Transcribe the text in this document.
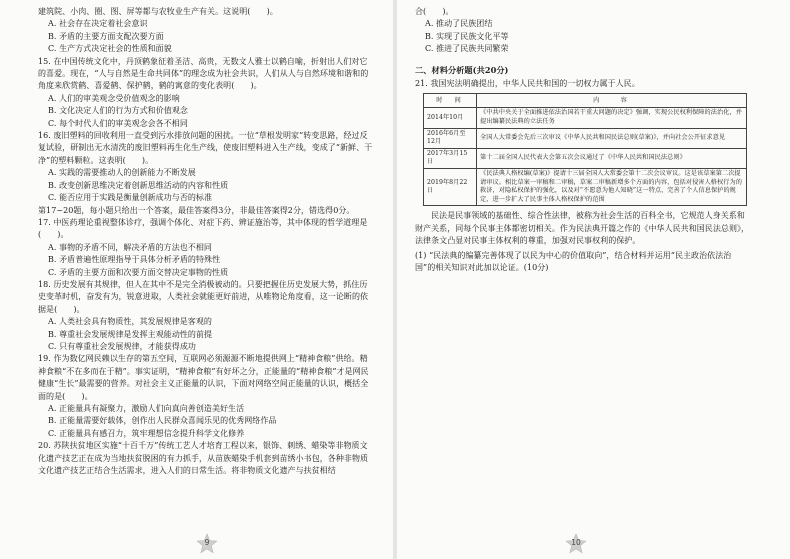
建筑院、小肉、圈、图、屏等都与农牧业生产有关。这说明(　　)。
A. 社会存在决定着社会意识
B. 矛盾的主要方面支配次要方面
C. 生产方式决定社会的性质和面貌
15. 在中国传统文化中，丹顶鹤象征着圣洁、高贵，无数文人雅士以鹤自喻，折射出人们对它的喜爱。现在，“人与自然是生命共同体”的理念成为社会共识，人们从人与自然环境和谐和的角度来欣赏鹤、喜爱鹤、保护鹤，鹤的寓意的变化表明(　　)。
A. 人们的审美观念受价值观念的影响
B. 文化决定人们的行为方式和价值观念
C. 每个时代人们的审美观念会各不相同
16. 废旧塑料的回收利用一直受到污水排放问题的困扰。一位“草根发明家”转变思路，经过反复试验，研制出无水清洗的废旧塑料再生化生产线，使废旧塑料进入生产线，变成了“新鲜、干净”的塑料颗粒。这表明(　　)。
A. 实践的需要推动人的创新能力不断发展
B. 改变创新思维决定着创新思维活动的内容和性质
C. 能否应用于实践是衡量创新成功与否的标准
第17~20题，每小题只给出一个答案，最佳答案得3分，非最佳答案得2分，错选得0分。
17. 中医药理论重视整体诊疗，强调个体化、对症下药、辨证施治等，其中体现的哲学道理是(　　)。
A. 事物的矛盾不同，解决矛盾的方法也不相同
B. 矛盾普遍性原理指导于具体分析矛盾的特殊性
C. 矛盾的主要方面和次要方面交替决定事物的性质
18. 历史发展有其规律，但人在其中不是完全消极被动的。只要把握住历史发展大势，抓住历史变革时机，奋发有为，锐意进取，人类社会就能更好前进，从唯物论角度看，这一论断的依据是(　　)。
A. 人类社会具有物质性，其发展规律是客观的
B. 尊重社会发展规律是发挥主观能动性的前提
C. 只有尊重社会发展规律，才能获得成功
19. 作为数亿网民赖以生存的第五空间，互联网必须源源不断地提供网上“精神食粮”供给。精神食粮“不在多而在于精”。事实证明，“精神食粮”有好坏之分，正能量的“精神食粮”才是网民健康“生长”最需要的营养。对社会主义正能量的认识，下面对网络空间正能量的认识，概括全面的是(　　)。
A. 正能量具有凝聚力，激励人们向真向善创造美好生活
B. 正能量需要好载体，创作出人民群众喜闻乐见的优秀网络作品
C. 正能量具有感召力，筑牢理想信念提升科学文化修养
20. 苏陕扶贫地区实施“十百千万”传统工艺人才培育工程以来，银饰、刺绣、蜡染等非物质文化遗产技艺正在成为当地扶贫脱困的有力抓手，从苗族蜡染手机套到苗绣小书包，各种非物质文化遗产技艺正结合生活需求，进入人们的日常生活。将非物质文化遗产与扶贫相结
9
合(　　)。
A. 推动了民族团结
B. 实现了民族文化平等
C. 推进了民族共同繁荣
二、材料分析题(共20分)
21. 我国宪法明确提出，中华人民共和国的一切权力属于人民。
时　间	内　　容
2014年10月	《中共中央关于全面推进依法治国若干重大问题的决定》强调，实现公民权利保障的法治化，并提出编纂民法典的立法任务
2016年6月至12月	全国人大常委会先后三次审议《中华人民共和国民法总则(草案)》，并向社会公开征求意见
2017年3月15日	第十二届全国人民代表大会第五次会议通过了《中华人民共和国民法总则》
2019年8月22日	《民法典人格权编(草案)》提请十三届全国人大常委会第十二次会议审议。这是该草案第二次提请审议。相比草案一审稿和二审稿，草案二审稿新增多个方面的内容，包括对侵害人格权行为的救济，对隐私权保护的强化，以及对“不愿意为他人知晓”这一特点，完善了个人信息保护的规定，进一步扩大了民事主体人格权保护的范围
民法是民事领域的基础性、综合性法律，被称为社会生活的百科全书，它规范人身关系和财产关系，同每个民事主体都密切相关。作为民法典开篇之作的《中华人民共和国民法总则》，法律条文凸显对民事主体权利的尊重，加强对民事权利的保护。
(1) “民法典的编纂完善体现了以民为中心的价值取向”，结合材料并运用“民主政治依法治国”的相关知识对此加以论证。(10分)
10
